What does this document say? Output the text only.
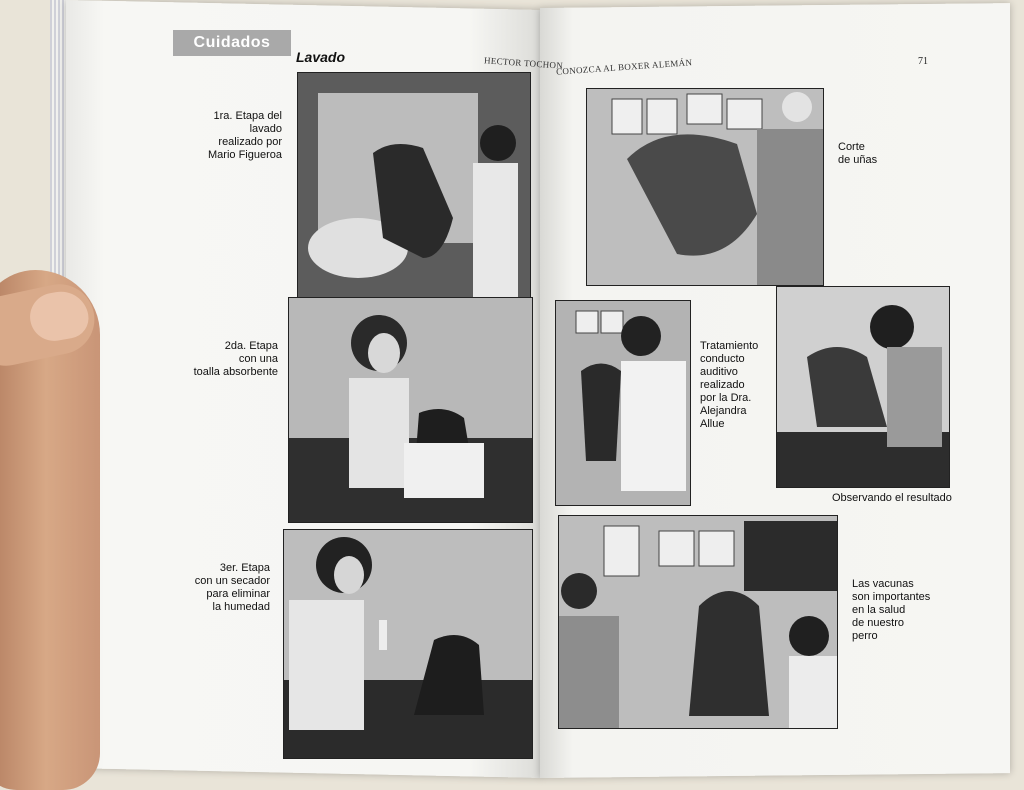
Cuidados
Lavado	HECTOR TOCHON
CONOZCA AL BOXER ALEMÁN	71
1ra. Etapa del
lavado
realizado por
Mario Figueroa
2da. Etapa
con una
toalla absorbente
3er. Etapa
con un secador
para eliminar
la humedad
Corte
de uñas
Tratamiento
conducto
auditivo
realizado
por la Dra.
Alejandra
Allue
Observando el resultado
Las vacunas
son importantes
en la salud
de nuestro
perro
